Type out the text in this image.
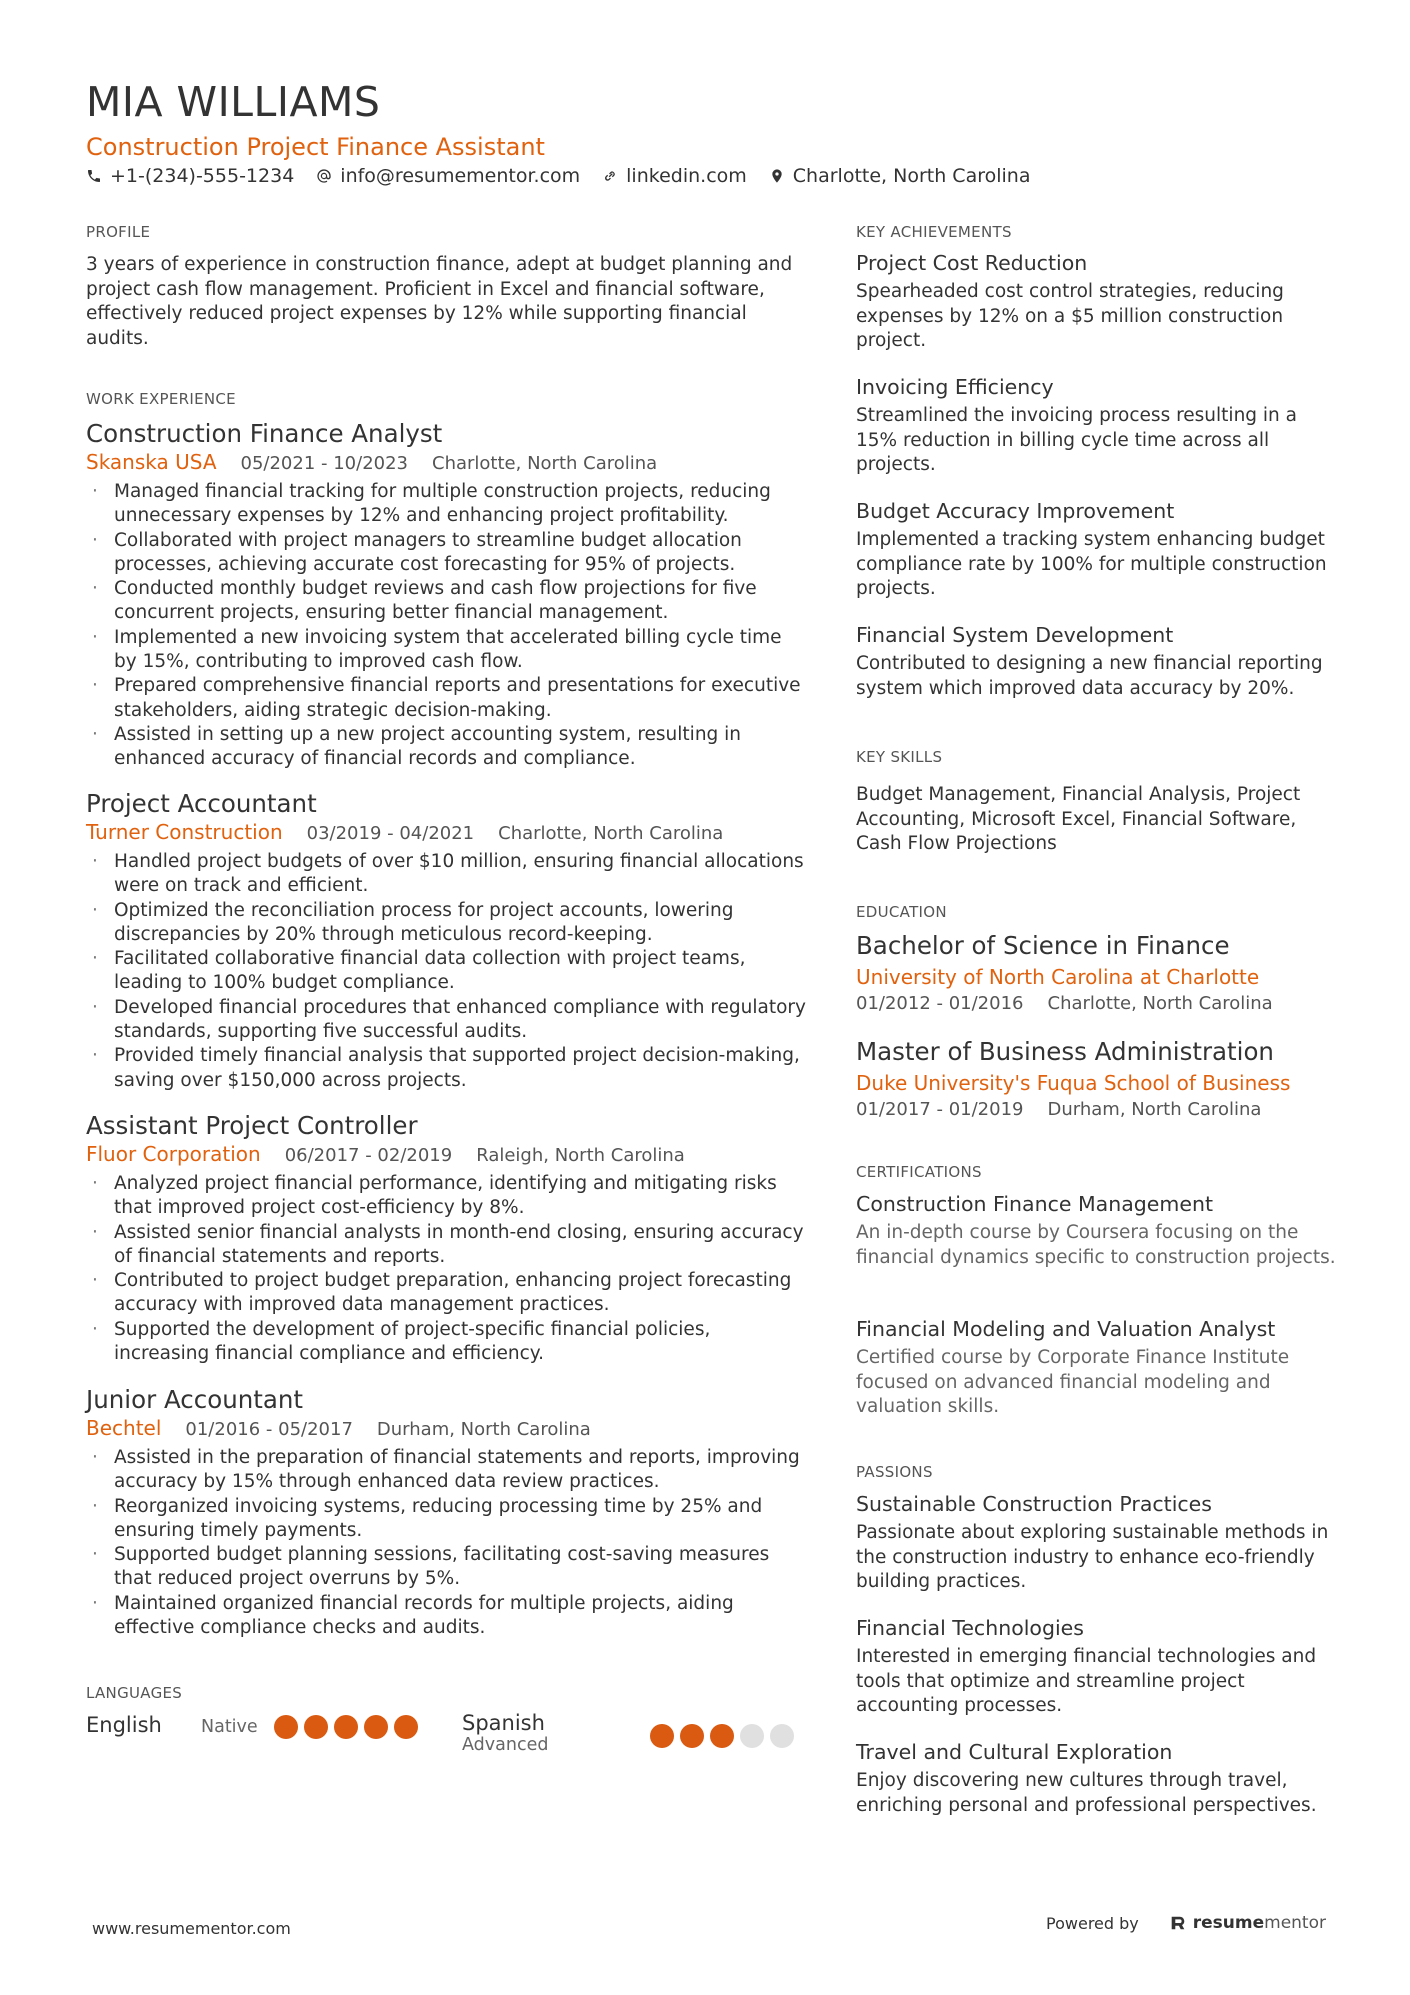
MIA WILLIAMS
Construction Project Finance Assistant
+1-(234)-555-1234 info@resumementor.com linkedin.com Charlotte, North Carolina
PROFILE
3 years of experience in construction finance, adept at budget planning and project cash flow management. Proficient in Excel and financial software, effectively reduced project expenses by 12% while supporting financial audits.
WORK EXPERIENCE
Construction Finance Analyst
Skanska USA 05/2021 - 10/2023 Charlotte, North Carolina
· Managed financial tracking for multiple construction projects, reducing unnecessary expenses by 12% and enhancing project profitability.
· Collaborated with project managers to streamline budget allocation processes, achieving accurate cost forecasting for 95% of projects.
· Conducted monthly budget reviews and cash flow projections for five concurrent projects, ensuring better financial management.
· Implemented a new invoicing system that accelerated billing cycle time by 15%, contributing to improved cash flow.
· Prepared comprehensive financial reports and presentations for executive stakeholders, aiding strategic decision-making.
· Assisted in setting up a new project accounting system, resulting in enhanced accuracy of financial records and compliance.
Project Accountant
Turner Construction 03/2019 - 04/2021 Charlotte, North Carolina
· Handled project budgets of over $10 million, ensuring financial allocations were on track and efficient.
· Optimized the reconciliation process for project accounts, lowering discrepancies by 20% through meticulous record-keeping.
· Facilitated collaborative financial data collection with project teams, leading to 100% budget compliance.
· Developed financial procedures that enhanced compliance with regulatory standards, supporting five successful audits.
· Provided timely financial analysis that supported project decision-making, saving over $150,000 across projects.
Assistant Project Controller
Fluor Corporation 06/2017 - 02/2019 Raleigh, North Carolina
· Analyzed project financial performance, identifying and mitigating risks that improved project cost-efficiency by 8%.
· Assisted senior financial analysts in month-end closing, ensuring accuracy of financial statements and reports.
· Contributed to project budget preparation, enhancing project forecasting accuracy with improved data management practices.
· Supported the development of project-specific financial policies, increasing financial compliance and efficiency.
Junior Accountant
Bechtel 01/2016 - 05/2017 Durham, North Carolina
· Assisted in the preparation of financial statements and reports, improving accuracy by 15% through enhanced data review practices.
· Reorganized invoicing systems, reducing processing time by 25% and ensuring timely payments.
· Supported budget planning sessions, facilitating cost-saving measures that reduced project overruns by 5%.
· Maintained organized financial records for multiple projects, aiding effective compliance checks and audits.
LANGUAGES
English Native	Spanish
Advanced
KEY ACHIEVEMENTS
Project Cost Reduction
Spearheaded cost control strategies, reducing expenses by 12% on a $5 million construction project.
Invoicing Efficiency
Streamlined the invoicing process resulting in a 15% reduction in billing cycle time across all projects.
Budget Accuracy Improvement
Implemented a tracking system enhancing budget compliance rate by 100% for multiple construction projects.
Financial System Development
Contributed to designing a new financial reporting system which improved data accuracy by 20%.
KEY SKILLS
Budget Management, Financial Analysis, Project Accounting, Microsoft Excel, Financial Software, Cash Flow Projections
EDUCATION
Bachelor of Science in Finance
University of North Carolina at Charlotte
01/2012 - 01/2016 Charlotte, North Carolina
Master of Business Administration
Duke University's Fuqua School of Business
01/2017 - 01/2019 Durham, North Carolina
CERTIFICATIONS
Construction Finance Management
An in-depth course by Coursera focusing on the financial dynamics specific to construction projects.
Financial Modeling and Valuation Analyst
Certified course by Corporate Finance Institute focused on advanced financial modeling and valuation skills.
PASSIONS
Sustainable Construction Practices
Passionate about exploring sustainable methods in the construction industry to enhance eco-friendly building practices.
Financial Technologies
Interested in emerging financial technologies and tools that optimize and streamline project accounting processes.
Travel and Cultural Exploration
Enjoy discovering new cultures through travel, enriching personal and professional perspectives.
www.resumementor.com	Powered by	resume mentor
